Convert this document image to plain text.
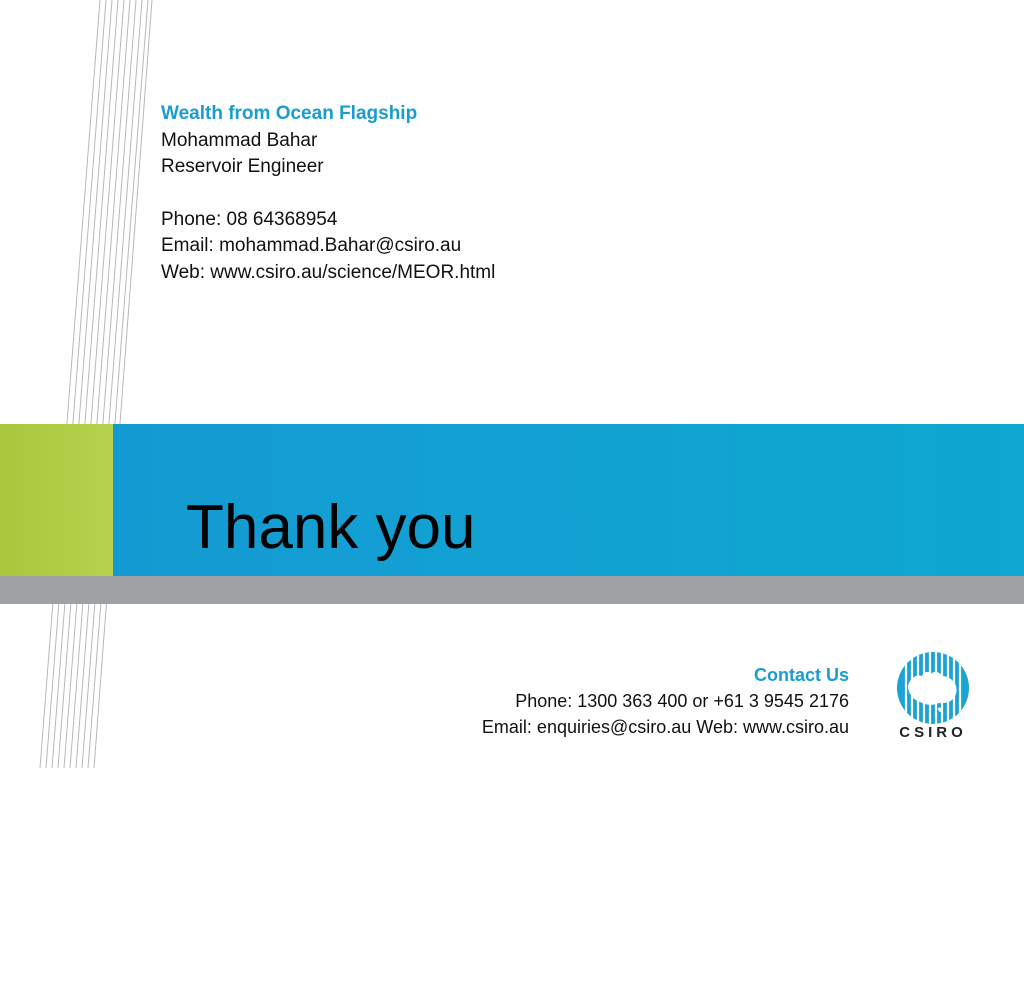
Wealth from Ocean Flagship
Mohammad Bahar
Reservoir Engineer
Phone: 08 64368954
Email: mohammad.Bahar@csiro.au
Web: www.csiro.au/science/MEOR.html
www.csiro.au
Thank you
Contact Us
Phone: 1300 363 400 or +61 3 9545 2176
Email: enquiries@csiro.au Web: www.csiro.au	CSIRO
